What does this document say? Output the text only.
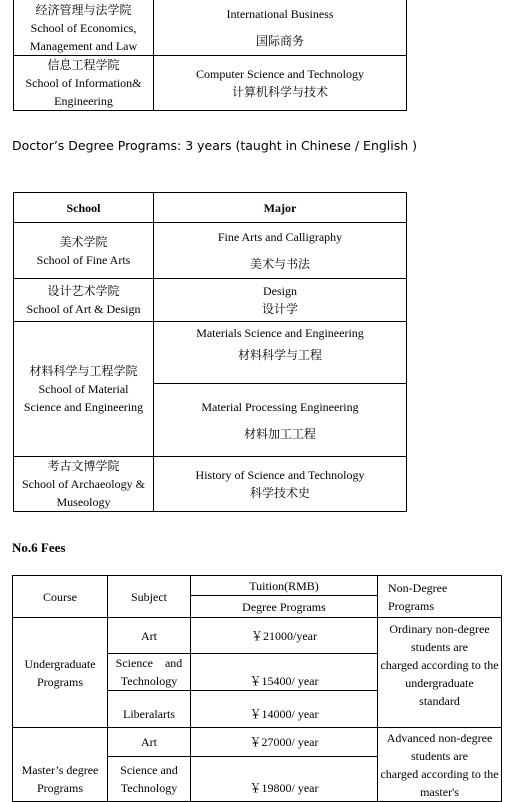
经济管理与法学院
School of Economics,
Management and Law	International Business
国际商务

信息工程学院
School of Information&
Engineering	Computer Science and Technology
计算机科学与技术
Doctor’s Degree Programs: 3 years (taught in Chinese / English )
School	Major

美术学院
School of Fine Arts	Fine Arts and Calligraphy
美术与书法

设计艺术学院
School of Art & Design	Design
设计学

材料科学与工程学院
School of Material
Science and Engineering	Materials Science and Engineering
材料科学与工程

	Material Processing Engineering
材料加工工程

考古文博学院
School of Archaeology &
Museology	History of Science and Technology
科学技术史
No.6 Fees
Course	Subject	Tuition(RMB)	Non-Degree
Programs

		Degree Programs	

Undergraduate
Programs	Art	￥21000/year	Ordinary non-degree
students are
charged according to the
undergraduate
standard

	Science　and
Technology	￥15400/ year	
	Liberalarts	￥14000/ year	

Master’s degree
Programs	Art	￥27000/ year	Advanced non-degree
students are
charged according to the
master's

	Science and
Technology	￥19800/ year	
